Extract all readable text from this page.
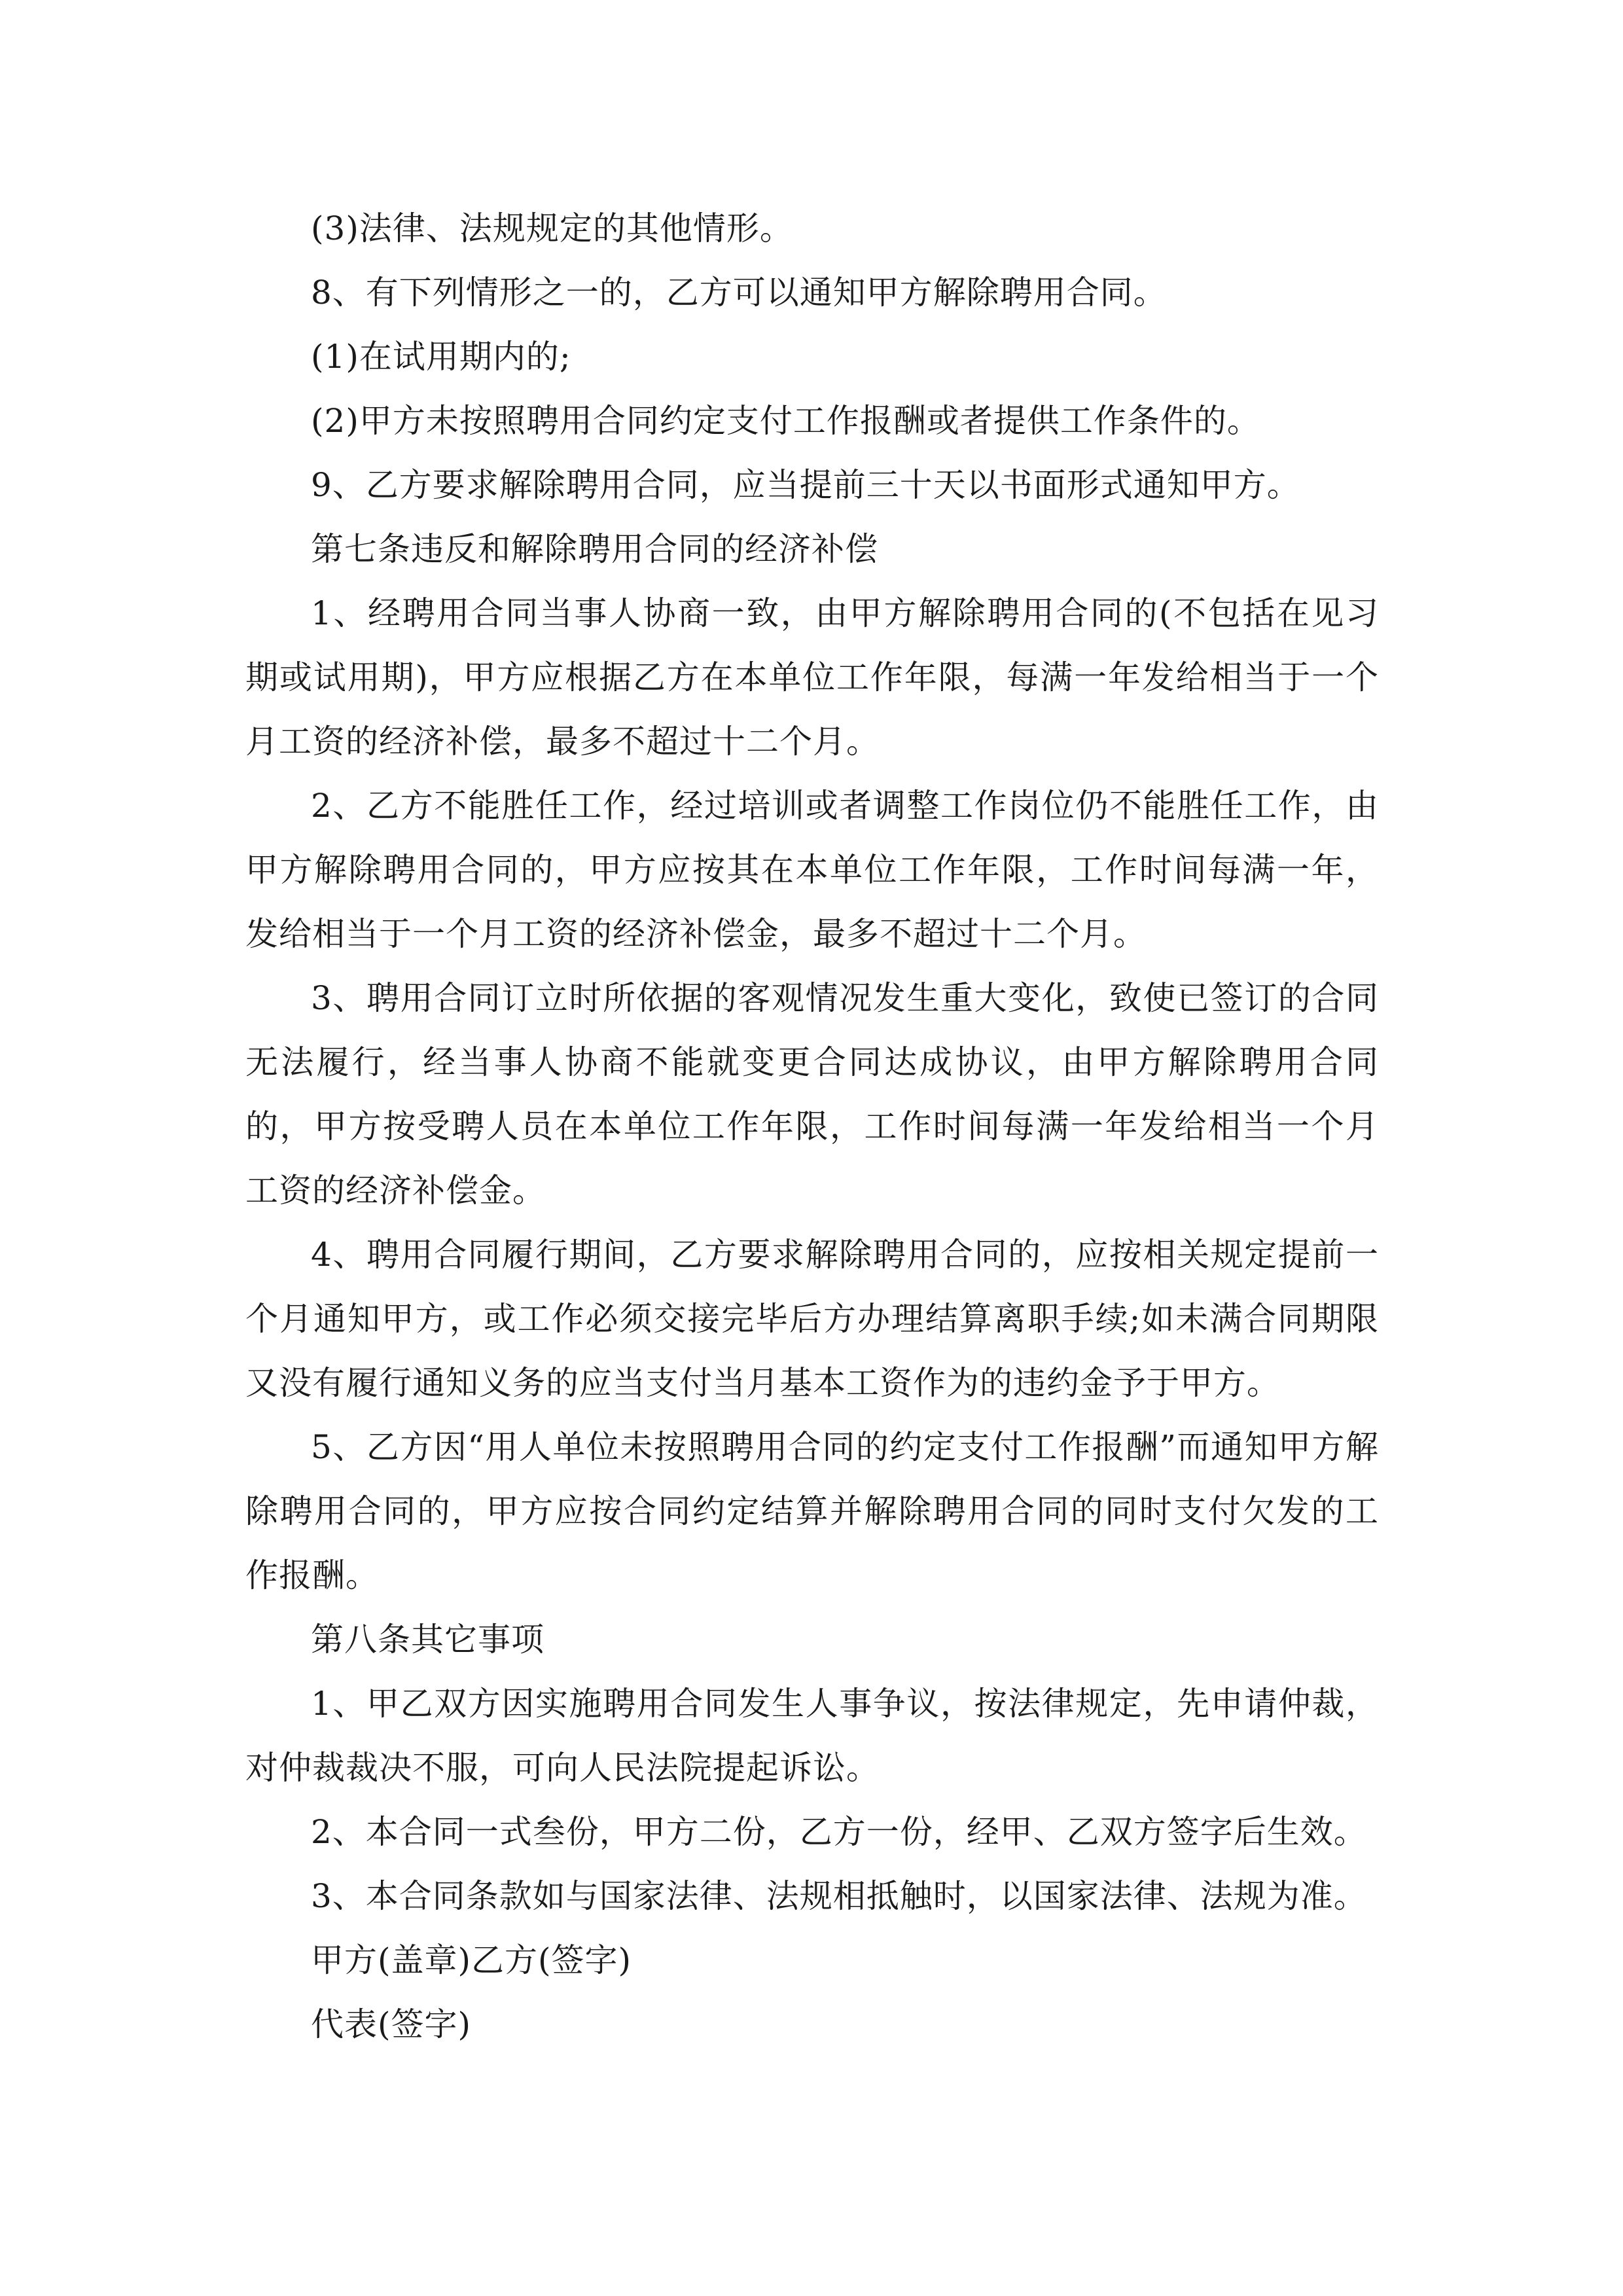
(3)法律、法规规定的其他情形。

8、有下列情形之一的，乙方可以通知甲方解除聘用合同。

(1)在试用期内的;

(2)甲方未按照聘用合同约定支付工作报酬或者提供工作条件的。

9、乙方要求解除聘用合同，应当提前三十天以书面形式通知甲方。

第七条违反和解除聘用合同的经济补偿

1、经聘用合同当事人协商一致，由甲方解除聘用合同的(不包括在见习期或试用期)，甲方应根据乙方在本单位工作年限，每满一年发给相当于一个月工资的经济补偿，最多不超过十二个月。

2、乙方不能胜任工作，经过培训或者调整工作岗位仍不能胜任工作，由甲方解除聘用合同的，甲方应按其在本单位工作年限，工作时间每满一年，发给相当于一个月工资的经济补偿金，最多不超过十二个月。

3、聘用合同订立时所依据的客观情况发生重大变化，致使已签订的合同无法履行，经当事人协商不能就变更合同达成协议，由甲方解除聘用合同的，甲方按受聘人员在本单位工作年限，工作时间每满一年发给相当一个月工资的经济补偿金。

4、聘用合同履行期间，乙方要求解除聘用合同的，应按相关规定提前一个月通知甲方，或工作必须交接完毕后方办理结算离职手续;如未满合同期限又没有履行通知义务的应当支付当月基本工资作为的违约金予于甲方。

5、乙方因“用人单位未按照聘用合同的约定支付工作报酬”而通知甲方解除聘用合同的，甲方应按合同约定结算并解除聘用合同的同时支付欠发的工作报酬。

第八条其它事项

1、甲乙双方因实施聘用合同发生人事争议，按法律规定，先申请仲裁，对仲裁裁决不服，可向人民法院提起诉讼。

2、本合同一式叁份，甲方二份，乙方一份，经甲、乙双方签字后生效。

3、本合同条款如与国家法律、法规相抵触时，以国家法律、法规为准。

甲方(盖章)乙方(签字)

代表(签字)
